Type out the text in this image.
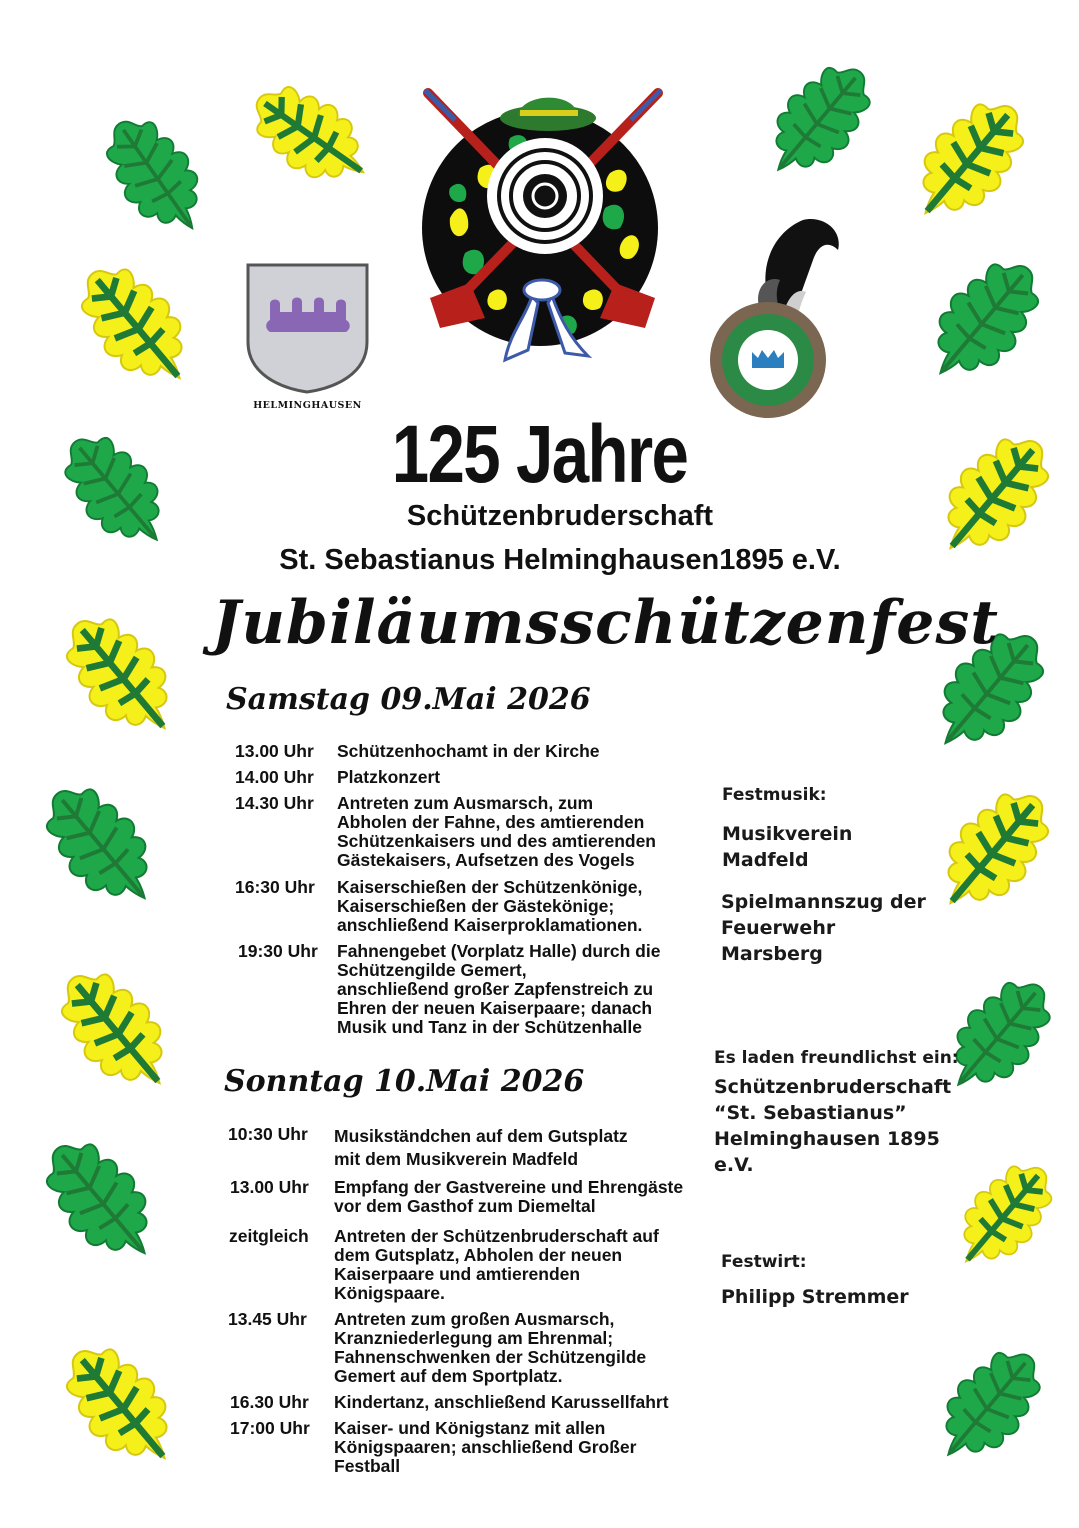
HELMINGHAUSEN
125 Jahre
Schützenbruderschaft
St. Sebastianus Helminghausen1895 e.V.
Jubiläumsschützenfest
Samstag 09.Mai 2026
13.00 Uhr Schützenhochamt in der Kirche
14.00 Uhr Platzkonzert
14.30 Uhr Antreten zum Ausmarsch, zum
Abholen der Fahne, des amtierenden
Schützenkaisers und des amtierenden
Gästekaisers, Aufsetzen des Vogels
16:30 Uhr Kaiserschießen der Schützenkönige,
Kaiserschießen der Gästekönige;
anschließend Kaiserproklamationen.
19:30 Uhr Fahnengebet (Vorplatz Halle) durch die
Schützengilde Gemert,
anschließend großer Zapfenstreich zu
Ehren der neuen Kaiserpaare; danach
Musik und Tanz in der Schützenhalle
Sonntag 10.Mai 2026
10:30 Uhr Musikständchen auf dem Gutsplatz
mit dem Musikverein Madfeld
13.00 Uhr Empfang der Gastvereine und Ehrengäste
vor dem Gasthof zum Diemeltal
zeitgleich Antreten der Schützenbruderschaft auf
dem Gutsplatz, Abholen der neuen
Kaiserpaare und amtierenden
Königspaare.
13.45 Uhr Antreten zum großen Ausmarsch,
Kranzniederlegung am Ehrenmal;
Fahnenschwenken der Schützengilde
Gemert auf dem Sportplatz.
16.30 Uhr Kindertanz, anschließend Karussellfahrt
17:00 Uhr Kaiser- und Königstanz mit allen
Königspaaren; anschließend Großer
Festball
Festmusik:
Musikverein
Madfeld
Spielmannszug der
Feuerwehr Marsberg
Es laden freundlichst ein:
Schützenbruderschaft
“St. Sebastianus”
Helminghausen 1895 e.V.
Festwirt:
Philipp Stremmer
